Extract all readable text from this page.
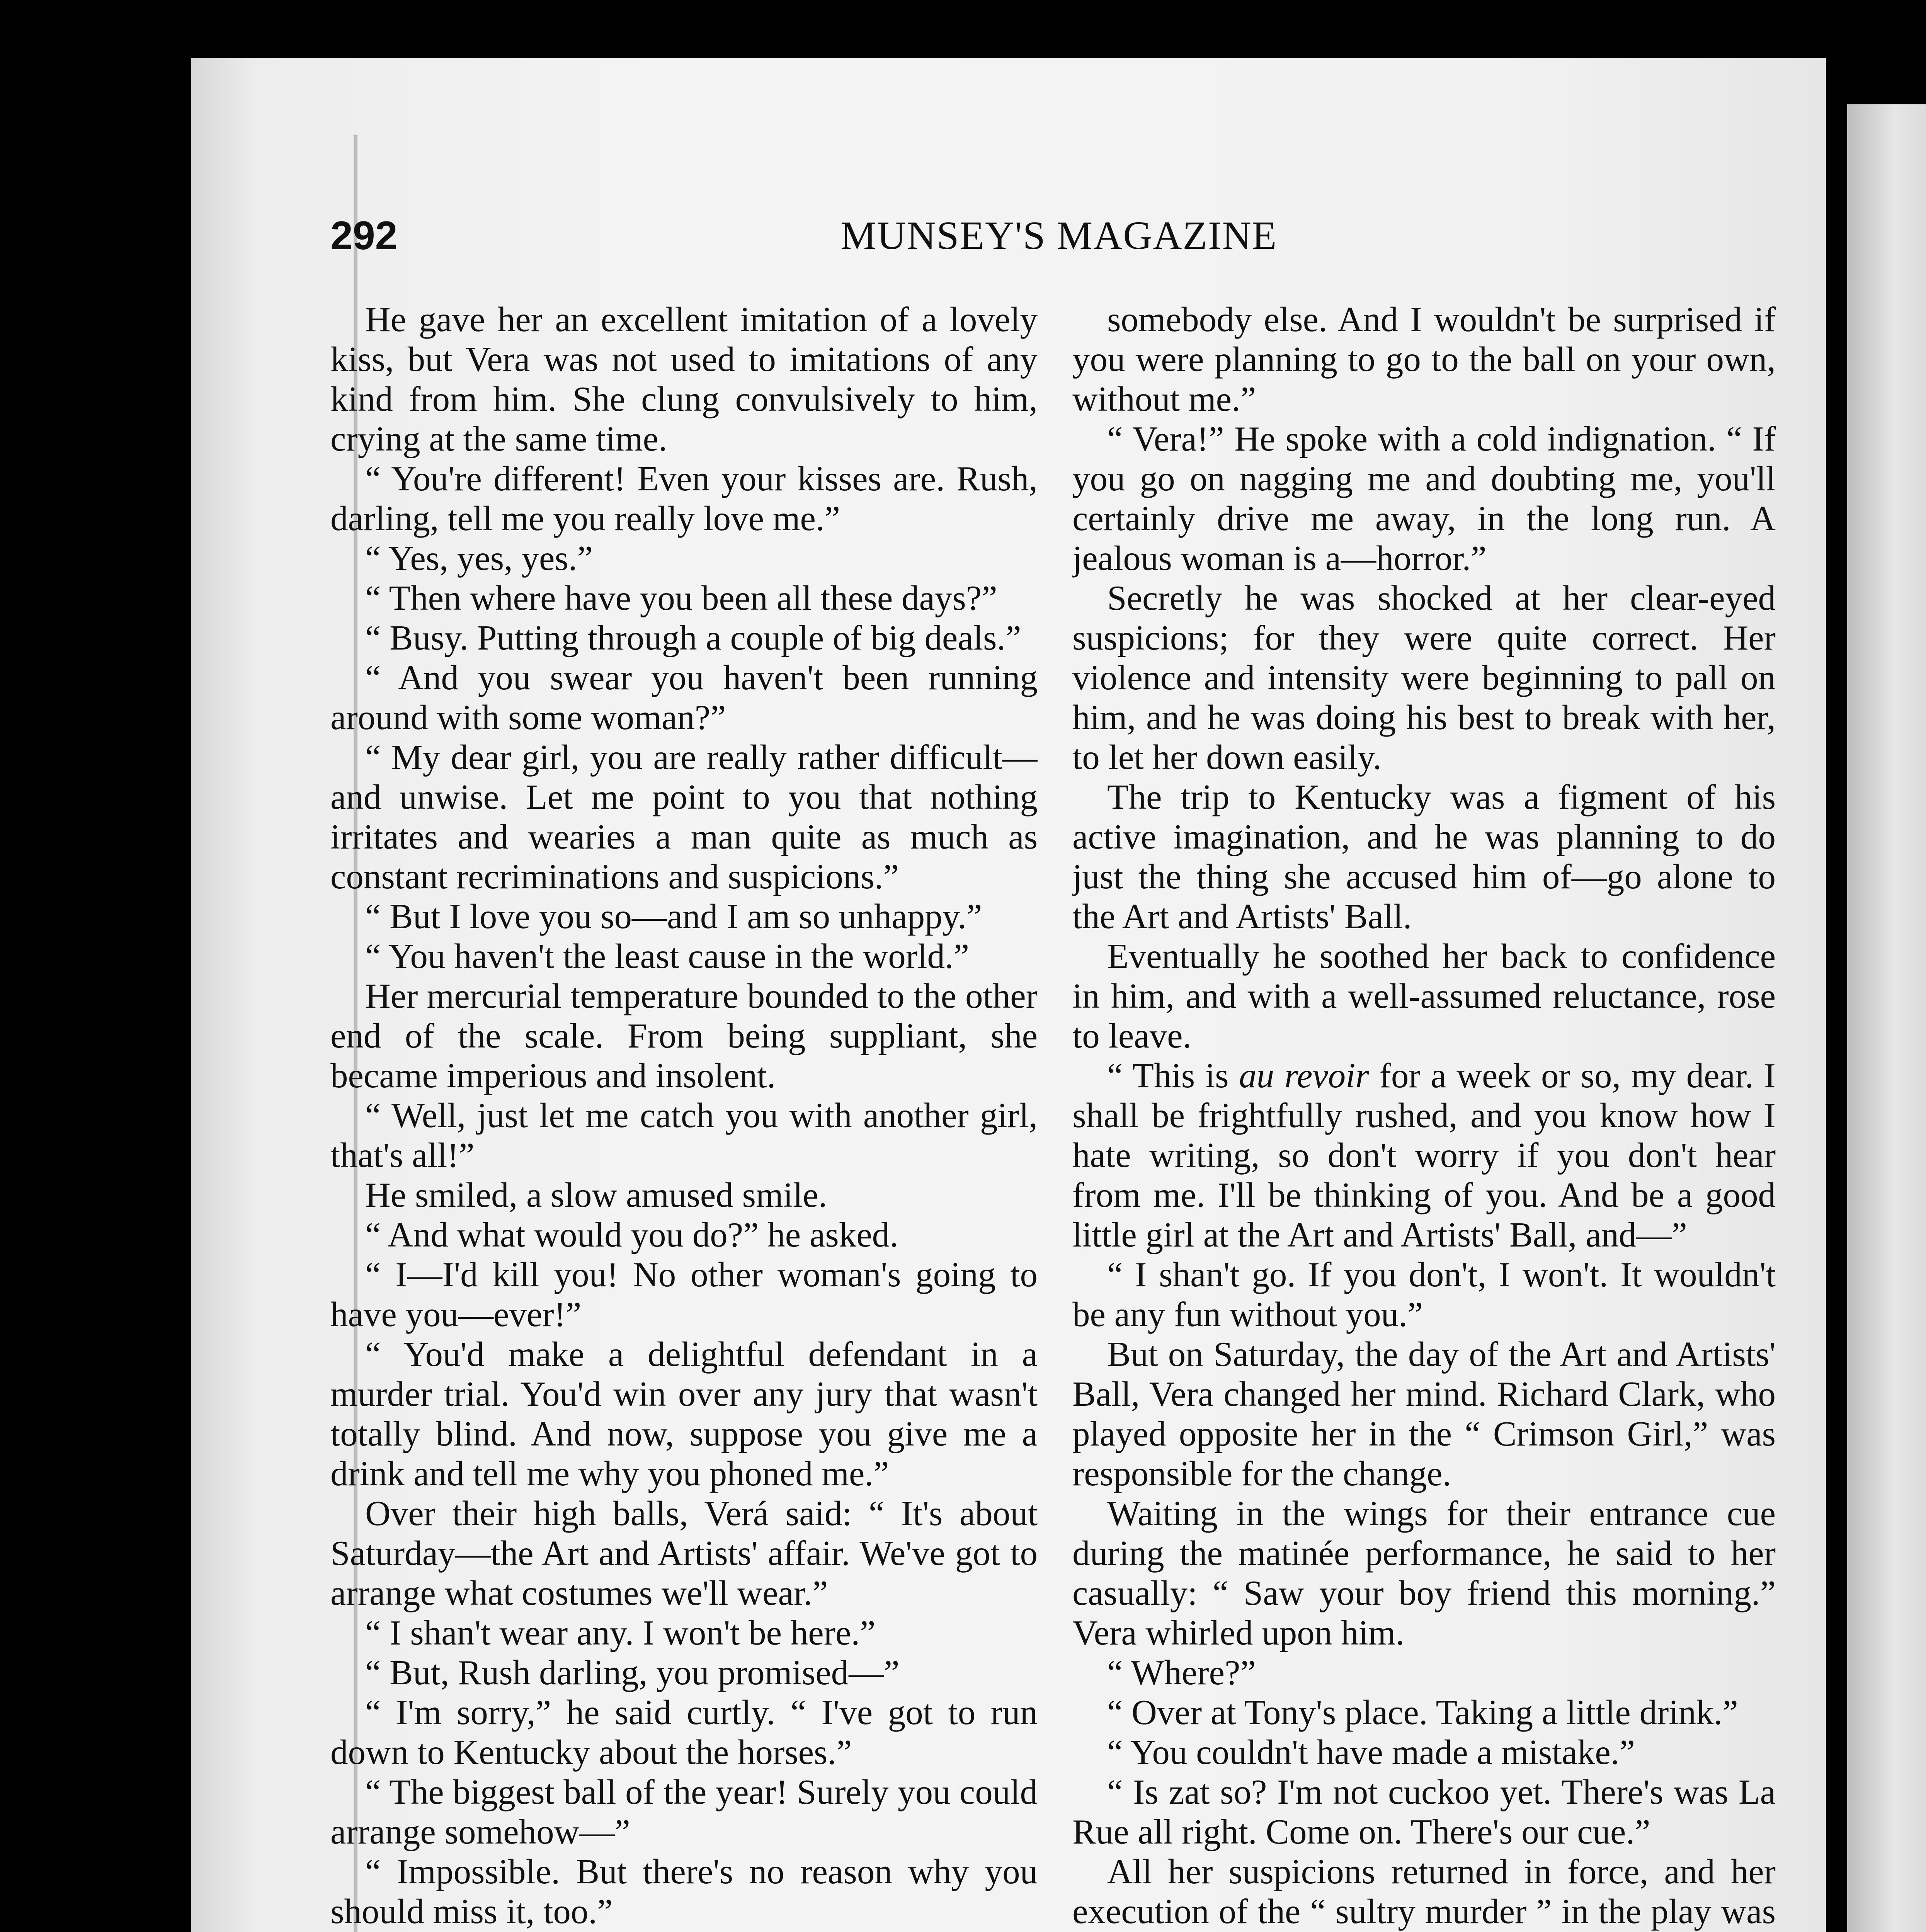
292	MUNSEY'S MAGAZINE

He gave her an excellent imitation of a lovely kiss, but Vera was not used to imitations of any kind from him. She clung convulsively to him, crying at the same time.

“ You're different! Even your kisses are. Rush, darling, tell me you really love me.”

“ Yes, yes, yes.”

“ Then where have you been all these days?”

“ Busy. Putting through a couple of big deals.”

“ And you swear you haven't been running around with some woman?”

“ My dear girl, you are really rather difficult—and unwise. Let me point to you that nothing irritates and wearies a man quite as much as constant recriminations and suspicions.”

“ But I love you so—and I am so unhappy.”

“ You haven't the least cause in the world.”

Her mercurial temperature bounded to the other end of the scale. From being suppliant, she became imperious and insolent.

“ Well, just let me catch you with another girl, that's all!”

He smiled, a slow amused smile.

“ And what would you do?” he asked.

“ I—I'd kill you! No other woman's going to have you—ever!”

“ You'd make a delightful defendant in a murder trial. You'd win over any jury that wasn't totally blind. And now, suppose you give me a drink and tell me why you phoned me.”

Over their high balls, Verá said: “ It's about Saturday—the Art and Artists' affair. We've got to arrange what costumes we'll wear.”

“ I shan't wear any. I won't be here.”

“ But, Rush darling, you promised—”

“ I'm sorry,” he said curtly. “ I've got to run down to Kentucky about the horses.”

“ The biggest ball of the year! Surely you could arrange somehow—”

“ Impossible. But there's no reason why you should miss it, too.”

somebody else. And I wouldn't be surprised if you were planning to go to the ball on your own, without me.”

“ Vera!” He spoke with a cold indignation. “ If you go on nagging me and doubting me, you'll certainly drive me away, in the long run. A jealous woman is a—horror.”

Secretly he was shocked at her clear-eyed suspicions; for they were quite correct. Her violence and intensity were beginning to pall on him, and he was doing his best to break with her, to let her down easily.

The trip to Kentucky was a figment of his active imagination, and he was planning to do just the thing she accused him of—go alone to the Art and Artists' Ball.

Eventually he soothed her back to confidence in him, and with a well-assumed reluctance, rose to leave.

“ This is au revoir for a week or so, my dear. I shall be frightfully rushed, and you know how I hate writing, so don't worry if you don't hear from me. I'll be thinking of you. And be a good little girl at the Art and Artists' Ball, and—”

“ I shan't go. If you don't, I won't. It wouldn't be any fun without you.”

But on Saturday, the day of the Art and Artists' Ball, Vera changed her mind. Richard Clark, who played opposite her in the “ Crimson Girl,” was responsible for the change.

Waiting in the wings for their entrance cue during the matinée performance, he said to her casually: “ Saw your boy friend this morning.” Vera whirled upon him.

“ Where?”

“ Over at Tony's place. Taking a little drink.”

“ You couldn't have made a mistake.”

“ Is zat so? I'm not cuckoo yet. There's was La Rue all right. Come on. There's our cue.”

All her suspicions returned in force, and her execution of the “ sultry murder ” in the play was
